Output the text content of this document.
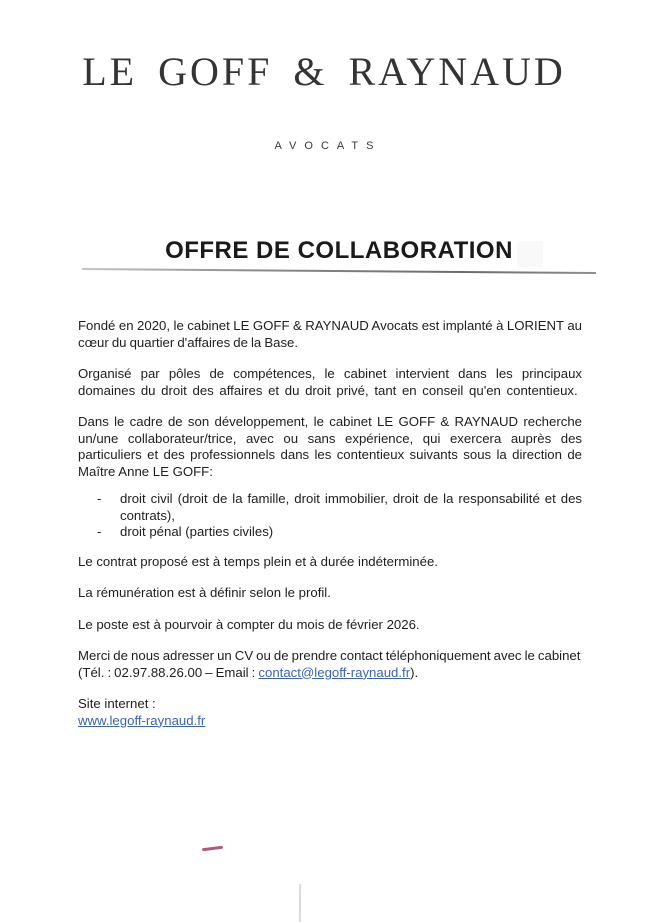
LE GOFF & RAYNAUD
AVOCATS
OFFRE DE COLLABORATION

Fondé en 2020, le cabinet LE GOFF & RAYNAUD Avocats est implanté à LORIENT au cœur du quartier d'affaires de la Base.

Organisé par pôles de compétences, le cabinet intervient dans les principaux domaines du droit des affaires et du droit privé, tant en conseil qu'en contentieux.

Dans le cadre de son développement, le cabinet LE GOFF & RAYNAUD recherche un/une collaborateur/trice, avec ou sans expérience, qui exercera auprès des particuliers et des professionnels dans les contentieux suivants sous la direction de Maître Anne LE GOFF:

-	droit civil (droit de la famille, droit immobilier, droit de la responsabilité et des contrats),
-	droit pénal (parties civiles)

Le contrat proposé est à temps plein et à durée indéterminée.

La rémunération est à définir selon le profil.

Le poste est à pourvoir à compter du mois de février 2026.

Merci de nous adresser un CV ou de prendre contact téléphoniquement avec le cabinet (Tél. : 02.97.88.26.00 – Email : contact@legoff-raynaud.fr).

Site internet :
www.legoff-raynaud.fr
